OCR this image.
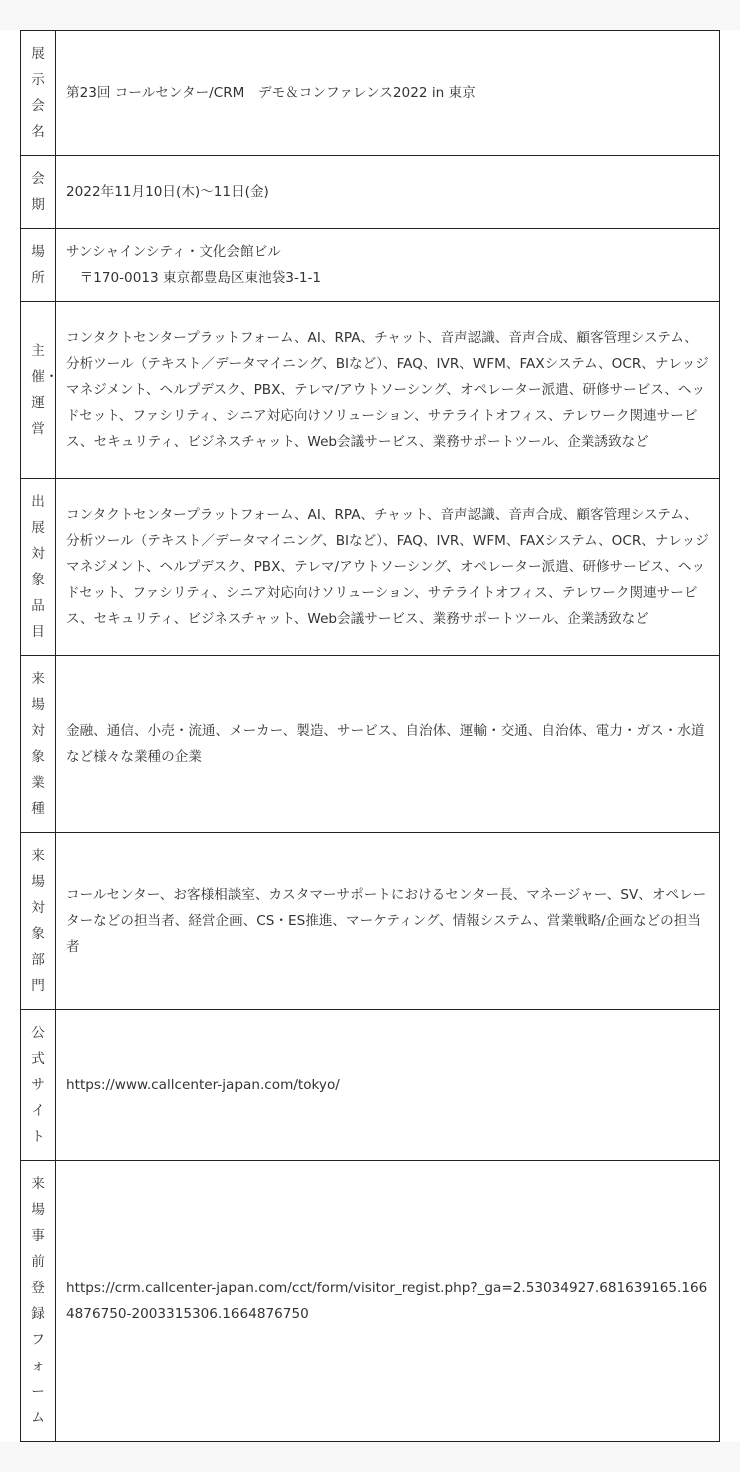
展示会名	第23回 コールセンター/CRM　デモ＆コンファレンス2022 in 東京
会期	2022年11月10日(木)〜11日(金)
場所	サンシャインシティ・文化会館ビル
　〒170-0013 東京都豊島区東池袋3-1-1

主催・運営	コンタクトセンタープラットフォーム、AI、RPA、チャット、音声認識、音声合成、顧客管理システム、分析ツール（テキスト／データマイニング、BIなど）、FAQ、IVR、WFM、FAXシステム、OCR、ナレッジマネジメント、ヘルプデスク、PBX、テレマ/アウトソーシング、オペレーター派遣、研修サービス、ヘッドセット、ファシリティ、シニア対応向けソリューション、サテライトオフィス、テレワーク関連サービス、セキュリティ、ビジネスチャット、Web会議サービス、業務サポートツール、企業誘致など
出展対象品目	コンタクトセンタープラットフォーム、AI、RPA、チャット、音声認識、音声合成、顧客管理システム、分析ツール（テキスト／データマイニング、BIなど）、FAQ、IVR、WFM、FAXシステム、OCR、ナレッジマネジメント、ヘルプデスク、PBX、テレマ/アウトソーシング、オペレーター派遣、研修サービス、ヘッドセット、ファシリティ、シニア対応向けソリューション、サテライトオフィス、テレワーク関連サービス、セキュリティ、ビジネスチャット、Web会議サービス、業務サポートツール、企業誘致など
来場対象業種	金融、通信、小売・流通、メーカー、製造、サービス、自治体、運輸・交通、自治体、電力・ガス・水道など様々な業種の企業
来場対象部門	コールセンター、お客様相談室、カスタマーサポートにおけるセンター長、マネージャー、SV、オペレーターなどの担当者、経営企画、CS・ES推進、マーケティング、情報システム、営業戦略/企画などの担当者
公式サイト	https://www.callcenter-japan.com/tokyo/
来場事前登録フォーム	https://crm.callcenter-japan.com/cct/form/visitor_regist.php?_ga=2.53034927.681639165.1664876750-2003315306.1664876750
